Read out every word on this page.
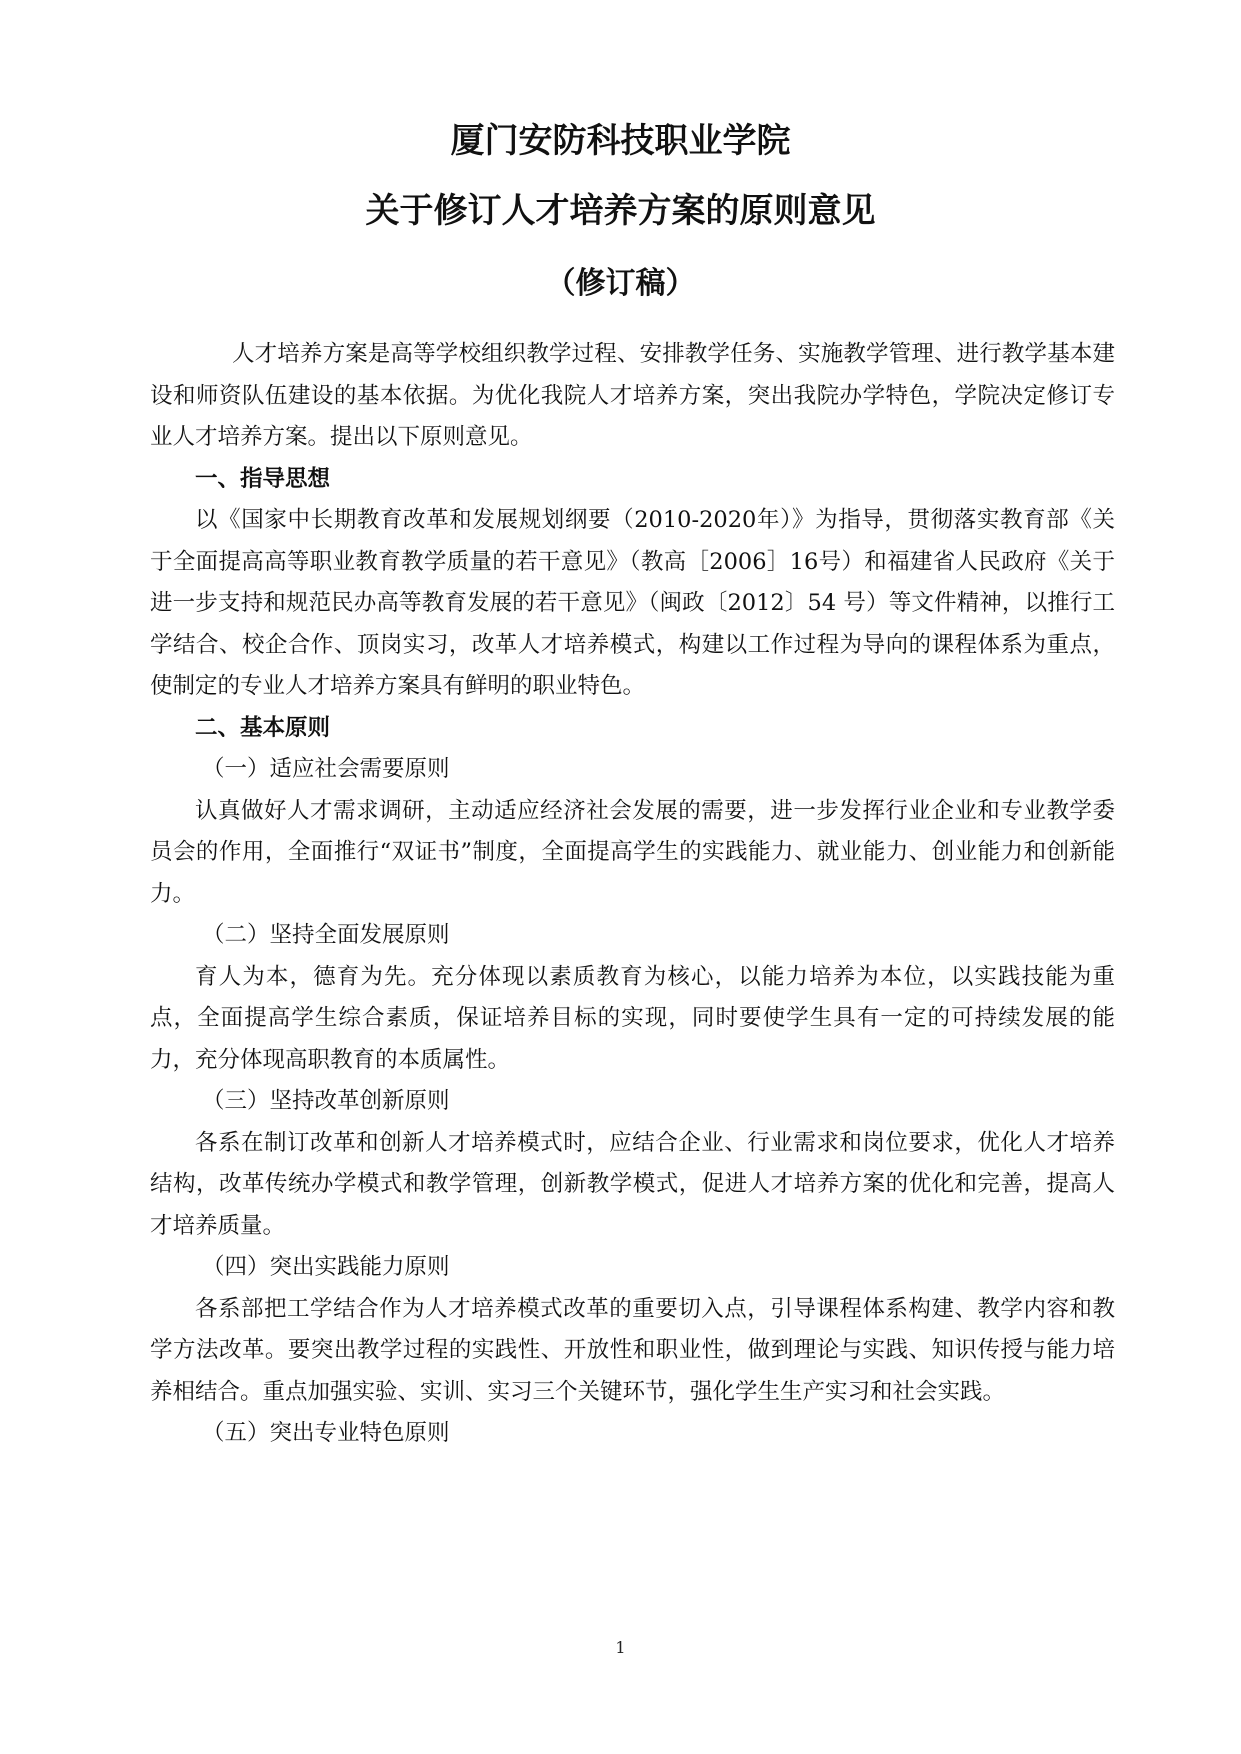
厦门安防科技职业学院
关于修订人才培养方案的原则意见
（修订稿）

人才培养方案是高等学校组织教学过程、安排教学任务、实施教学管理、进行教学基本建设和师资队伍建设的基本依据。为优化我院人才培养方案，突出我院办学特色，学院决定修订专业人才培养方案。提出以下原则意见。

一、指导思想

以《国家中长期教育改革和发展规划纲要（2010-2020年）》为指导，贯彻落实教育部《关于全面提高高等职业教育教学质量的若干意见》（教高［2006］16号）和福建省人民政府《关于进一步支持和规范民办高等教育发展的若干意见》（闽政〔2012〕54 号）等文件精神，以推行工学结合、校企合作、顶岗实习，改革人才培养模式，构建以工作过程为导向的课程体系为重点，使制定的专业人才培养方案具有鲜明的职业特色。

二、基本原则
（一）适应社会需要原则

认真做好人才需求调研，主动适应经济社会发展的需要，进一步发挥行业企业和专业教学委员会的作用，全面推行“双证书”制度，全面提高学生的实践能力、就业能力、创业能力和创新能力。

（二）坚持全面发展原则

育人为本，德育为先。充分体现以素质教育为核心，以能力培养为本位，以实践技能为重点，全面提高学生综合素质，保证培养目标的实现，同时要使学生具有一定的可持续发展的能力，充分体现高职教育的本质属性。

（三）坚持改革创新原则

各系在制订改革和创新人才培养模式时，应结合企业、行业需求和岗位要求，优化人才培养结构，改革传统办学模式和教学管理，创新教学模式，促进人才培养方案的优化和完善，提高人才培养质量。

（四）突出实践能力原则

各系部把工学结合作为人才培养模式改革的重要切入点，引导课程体系构建、教学内容和教学方法改革。要突出教学过程的实践性、开放性和职业性，做到理论与实践、知识传授与能力培养相结合。重点加强实验、实训、实习三个关键环节，强化学生生产实习和社会实践。

（五）突出专业特色原则
1
